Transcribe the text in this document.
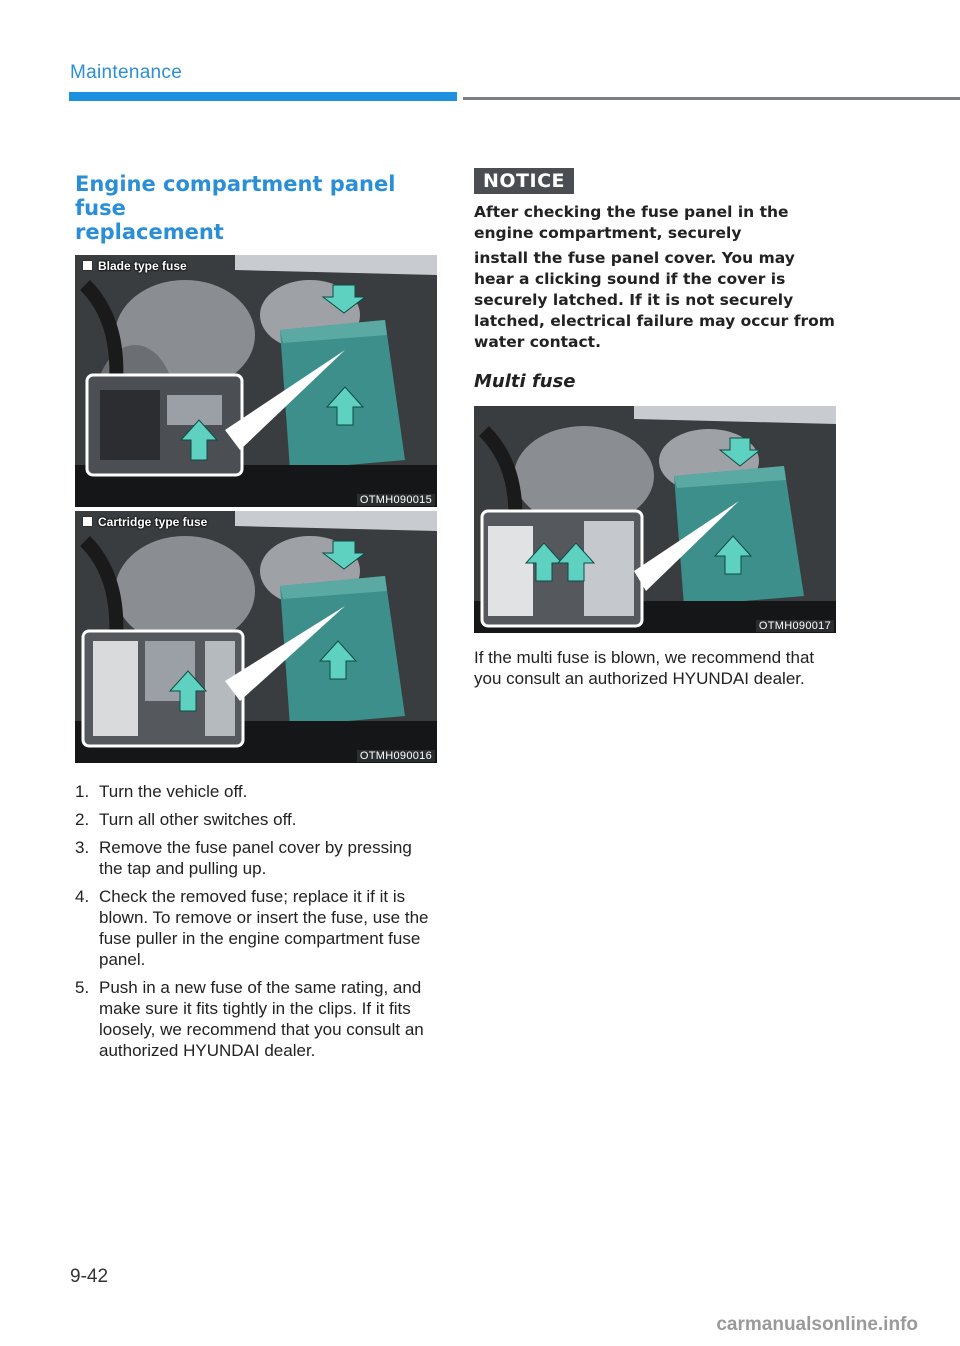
Maintenance
Engine compartment panel fuse
replacement
Blade type fuse
OTMH090015
Cartridge type fuse
OTMH090016
1. Turn the vehicle off.
2. Turn all other switches off.
3. Remove the fuse panel cover by pressing the tap and pulling up.
4. Check the removed fuse; replace it if it is blown. To remove or insert the fuse, use the fuse puller in the engine compartment fuse panel.
5. Push in a new fuse of the same rating, and make sure it fits tightly in the clips. If it fits loosely, we recommend that you consult an authorized HYUNDAI dealer.
NOTICE

After checking the fuse panel in the engine compartment, securely

install the fuse panel cover. You may hear a clicking sound if the cover is securely latched. If it is not securely latched, electrical failure may occur from water contact.

Multi fuse
OTMH090017
If the multi fuse is blown, we recommend that you consult an authorized HYUNDAI dealer.
9-42
carmanualsonline.info
